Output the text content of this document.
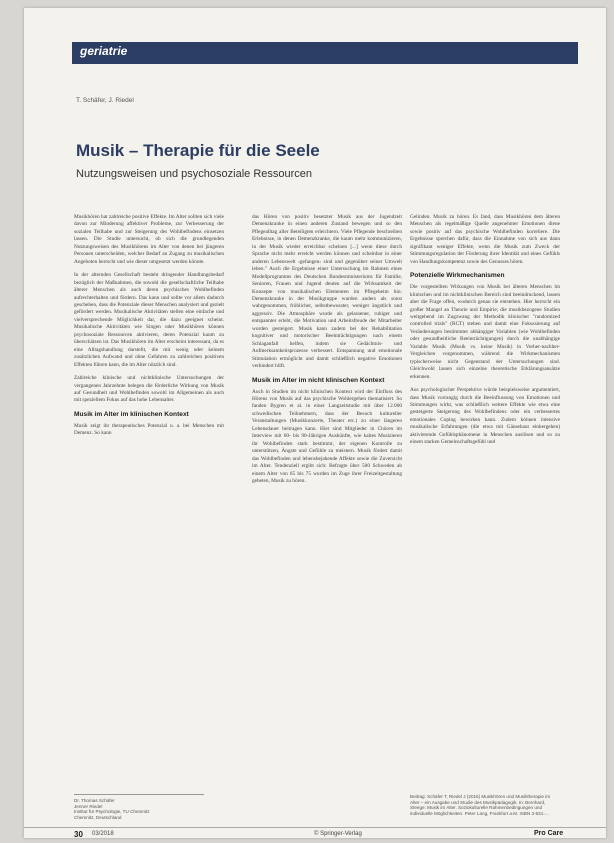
geriatrie
T. Schäfer, J. Riedel
Musik – Therapie für die Seele
Nutzungsweisen und psychosoziale Ressourcen

Musikhören hat zahlreiche positive Effekte. Im Alter sollten sich viele davon zur Minderung affektiver Probleme, zur Verbesserung der sozialen Teilhabe und zur Steigerung des Wohlbefindens einsetzen lassen. Die Studie untersucht, ob sich die grundlegenden Nutzungsweisen des Musikhörens im Alter von denen bei jüngeren Personen unterscheiden, welcher Bedarf an Zugang zu musikalischen Angeboten herrscht und wie dieser umgesetzt werden könnte.

In der alternden Gesellschaft besteht dringender Handlungsbedarf bezüglich der Maßnahmen, die sowohl die gesellschaftliche Teilhabe älterer Menschen als auch deren psychisches Wohlbefinden aufrechterhalten und fördern. Das kann und sollte vor allem dadurch geschehen, dass die Potenziale dieser Menschen analysiert und gezielt gefördert werden. Musikalische Aktivitäten stellen eine einfache und vielversprechende Möglichkeit dar, die dazu geeignet scheint. Musikalische Aktivitäten wie Singen oder Musikhören können psychosoziale Ressourcen aktivieren, deren Potenzial kaum zu überschätzen ist. Das Musikhören im Alter erscheint interessant, da es eine Alltagshandlung darstellt, die mit wenig oder keinem zusätzlichen Aufwand und ohne Gefahren zu zahlreichen positiven Effekten führen kann, die im Alter nützlich sind.

Zahlreiche klinische und nichtklinische Untersuchungen der vergangenen Jahrzehnte belegen die förderliche Wirkung von Musik auf Gesundheit und Wohlbefinden sowohl im Allgemeinen als auch mit speziellem Fokus auf das hohe Lebensalter.

Musik im Alter im klinischen Kontext

Musik zeigt ihr therapeutisches Potenzial u. a. bei Menschen mit Demenz. So kann

das Hören von positiv besetzter Musik aus der Jugendzeit Demenzkranke in einen anderen Zustand bewegen und so den Pflegealltag aller Beteiligten erleichtern. Viele Pflegende beschreiben Erlebnisse, in denen Demenzkranke, die kaum mehr kommunizieren, in der Musik wieder erreichbar scheinen [...] wenn diese durch Sprache nicht mehr erreicht werden können und scheinbar in einer anderen Lebenswelt ›gefangen‹ sind und gegenüber seiner Umwelt leben." Auch die Ergebnisse einer Untersuchung im Rahmen eines Modellprogramms des Deutschen Bundesministeriums für Familie, Senioren, Frauen und Jugend deuten auf die Wirksamkeit der Konzepte von musikalischen Elementen im Pflegeheim hin: Demenzkranke in der Musikgruppe wurden anders als sonst wahrgenommen, fröhlicher, selbstbewusster, weniger ängstlich und aggressiv. Die Atmosphäre wurde als gelassener, ruhiger und entspannter erlebt, die Motivation und Arbeitsfreude der Mitarbeiter wurden gesteigert. Musik kann zudem bei der Rehabilitation kognitiver und motorischer Beeinträchtigungen nach einem Schlaganfall helfen, indem sie Gedächtnis- und Aufmerksamkeitsprozesse verbessert. Entspannung und emotionale Stimulation ermöglicht und damit schließlich negative Emotionen verhindert hilft.

Musik im Alter im nicht klinischen Kontext

Auch in Studien im nicht klinischen Kontext wird der Einfluss des Hörens von Musik auf das psychische Wohlergehen thematisiert. So fanden Bygren et al. in einer Langzeitstudie mit über 12.000 schwedischen Teilnehmern, dass der Besuch kultureller Veranstaltungen (Musikkonzerte, Theater etc.) zu einer längeren Lebensdauer beitragen kann. Hier sind Mitglieder in Chören im Interview mit 60- bis 90-Jährigen Auskünfte, wie kaltes Musizieren ihr Wohlbefinden stark bestimmt, der eigenen Kontrolle zu unterstützen, Ängste und Gefühle zu meistern. Musik fördert damit das Wohlbefinden und lebensbejahende Affekte sowie die Zuversicht im Alter. Tendenziell ergibt sich: Befragte über 500 Schweden ab einem Alter von 65 bis 75 wurden im Zuge ihrer Freizeitgestaltung gebeten, Musik zu hören.

Gelinden. Musik zu hören. Es fand, dass Musikhören dem älteren Menschen als regelmäßige Quelle angenehmer Emotionen diene sowie positiv auf das psychische Wohlbefinden korreliere. Die Ergebnisse sprechen dafür, dass die Einnahme von sich aus dann signifikant weniger Effekte, wenn die Musik zum Zweck der Stimmungsregulation der Förderung ihrer Identität und eines Gefühls von Handlungskompetenz sowie des Genusses hören.

Potenzielle Wirkmechanismen

Die vorgestellten Wirkungen von Musik bei älteren Menschen im klinischen und im nichtklinischen Bereich sind beeindruckend, lassen aber die Frage offen, wodurch genau sie entstehen. Hier herrscht ein großer Mangel an Theorie und Empirie; die musikbezogene Studien weitgehend im Zugzwang der Methodik klinischer "randomized controlled trials" (RCT) stehen und damit eine Fokussierung auf Veränderungen bestimmter abhängiger Variablen (wie Wohlbefinden oder gesundheitliche Beeinträchtigungen) durch die unabhängige Variable Musik (Musik vs. keine Musik) in Vorher-nachher-Vergleichen vorgenommen, während die Wirkmechanismen typischerweise nicht Gegenstand der Untersuchungen sind. Gleichwohl lassen sich einzelne theoretische Erklärungsansätze erkennen.

Aus psychologischer Perspektive würde beispielsweise argumentiert, dass Musik vorrangig durch die Beeinflussung von Emotionen und Stimmungen wirkt, was schließlich weitere Effekte wie etwa eine gesteigerte Steigerung des Wohlbefindens oder ein verbessertes emotionales Coping bewirken kann. Zudem können intensive musikalische Erfahrungen (die etwa mit Gänsehaut einhergehen) aktivierende Gefühlsphänomene in Menschen auslösen und so zu einem starken Gemeinschaftsgefühl und

Dr. Thomas Schäfer
Jenner Riedel
Institut für Psychologie, TU Chemnitz
Chemnitz, Deutschland
Beitrag: Schäfer T, Riedel J (2016) Musikhören und Musiktherapie im Alter – ein Ausgabe und Studie des Musikpädagogik. In: Bernhard, Steege: Musik im Alter. Soziokulturelle Rahmenbedingungen und individuelle Möglichkeiten. Peter Lang, Frankfurt a.M. ISBN 3-631-...
30 03/2018	© Springer-Verlag	Pro Care
